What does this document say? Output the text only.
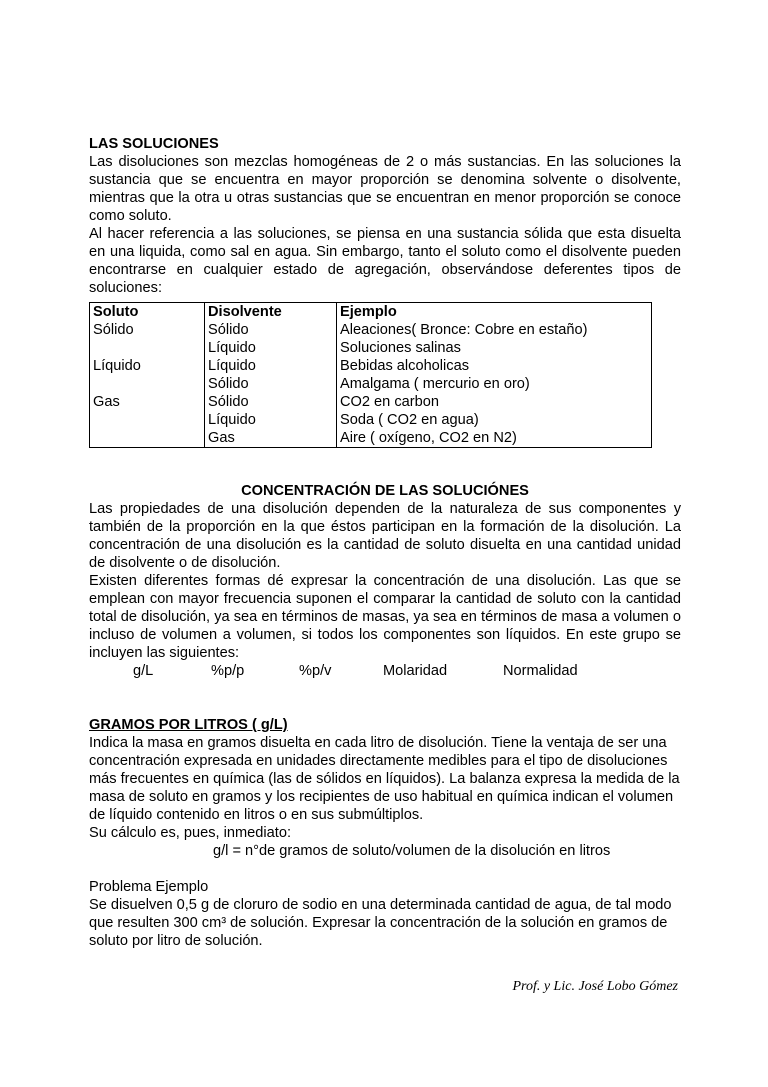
LAS SOLUCIONES

Las disoluciones son mezclas homogéneas de 2 o más sustancias. En las soluciones la sustancia que se encuentra en mayor proporción se denomina solvente o disolvente, mientras que la otra u otras sustancias que se encuentran en menor proporción se conoce como soluto.

Al hacer referencia a las soluciones, se piensa en una sustancia sólida que esta disuelta en una liquida, como sal en agua. Sin embargo, tanto el soluto como el disolvente pueden encontrarse en cualquier estado de agregación, observándose deferentes tipos de soluciones:

Soluto	Disolvente	Ejemplo
Sólido	Sólido	Aleaciones( Bronce: Cobre en estaño)
	Líquido	Soluciones salinas
Líquido	Líquido	Bebidas alcoholicas
	Sólido	Amalgama ( mercurio en oro)
Gas	Sólido	CO2 en carbon
	Líquido	Soda ( CO2 en agua)
	Gas	Aire ( oxígeno, CO2 en N2)

CONCENTRACIÓN DE LAS SOLUCIÓNES

Las propiedades de una disolución dependen de la naturaleza de sus componentes y también de la proporción en la que éstos participan en la formación de la disolución. La concentración de una disolución es la cantidad de soluto disuelta en una cantidad unidad de disolvente o de disolución.

Existen diferentes formas dé expresar la concentración de una disolución. Las que se emplean con mayor frecuencia suponen el comparar la cantidad de soluto con la cantidad total de disolución, ya sea en términos de masas, ya sea en términos de masa a volumen o incluso de volumen a volumen, si todos los componentes son líquidos. En este grupo se incluyen las siguientes:

g/L	%p/p	%p/v	Molaridad	Normalidad

GRAMOS POR LITROS ( g/L)

Indica la masa en gramos disuelta en cada litro de disolución. Tiene la ventaja de ser una concentración expresada en unidades directamente medibles para el tipo de disoluciones más frecuentes en química (las de sólidos en líquidos). La balanza expresa la medida de la masa de soluto en gramos y los recipientes de uso habitual en química indican el volumen de líquido contenido en litros o en sus submúltiplos.

Su cálculo es, pues, inmediato:

g/l = n°de gramos de soluto/volumen de la disolución en litros

Problema Ejemplo

Se disuelven 0,5 g de cloruro de sodio en una determinada cantidad de agua, de tal modo que resulten 300 cm³ de solución. Expresar la concentración de la solución en gramos de soluto por litro de solución.

Prof. y Lic. José Lobo Gómez
